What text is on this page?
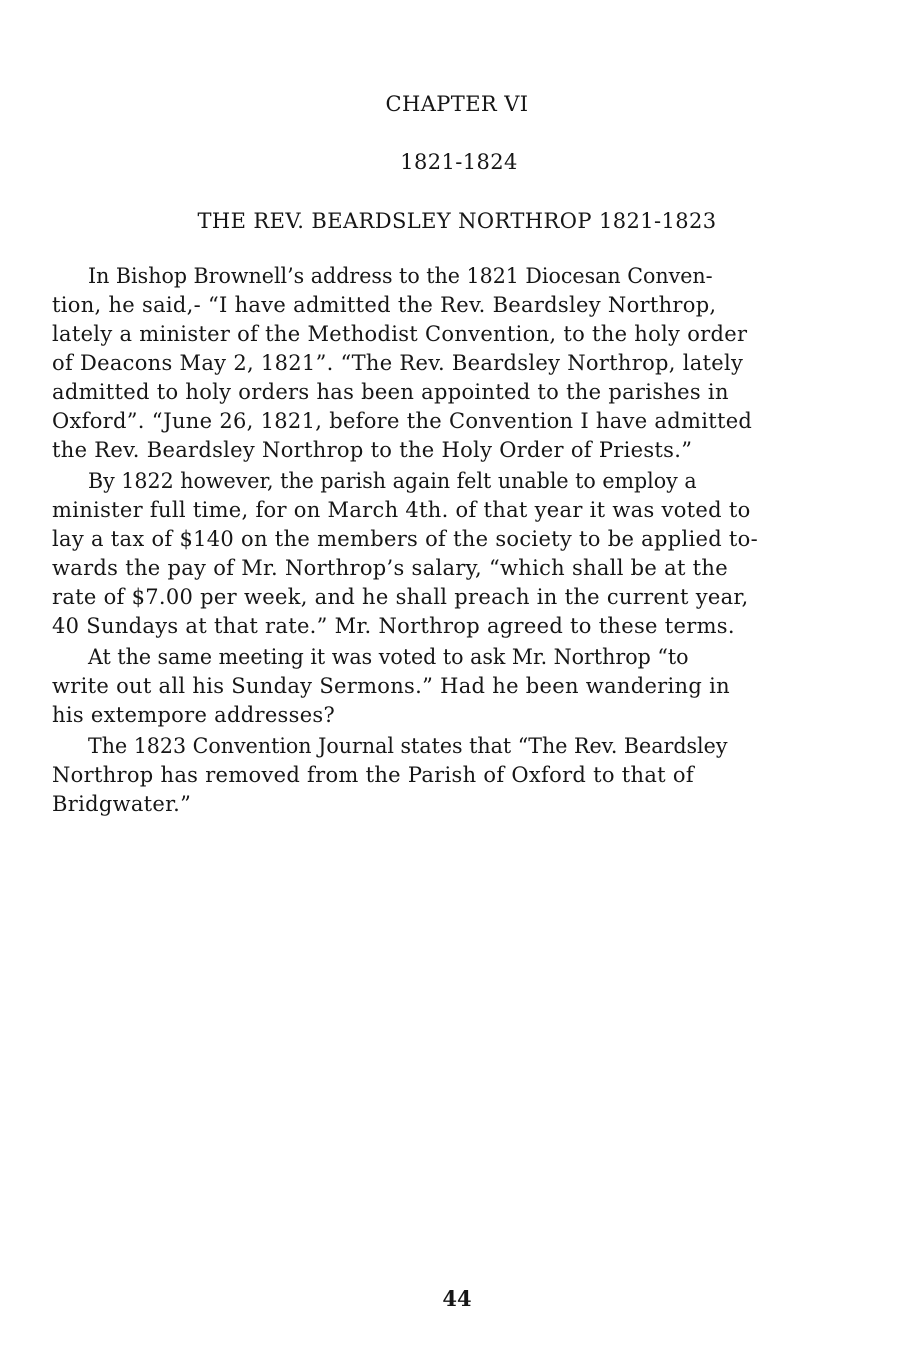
CHAPTER VI
1821-1824
THE REV. BEARDSLEY NORTHROP 1821-1823
In Bishop Brownell’s address to the 1821 Diocesan Conven-
tion, he said,- “I have admitted the Rev. Beardsley Northrop,
lately a minister of the Methodist Convention, to the holy order
of Deacons May 2, 1821”. “The Rev. Beardsley Northrop, lately
admitted to holy orders has been appointed to the parishes in
Oxford”. “June 26, 1821, before the Convention I have admitted
the Rev. Beardsley Northrop to the Holy Order of Priests.”
By 1822 however, the parish again felt unable to employ a
minister full time, for on March 4th. of that year it was voted to
lay a tax of $140 on the members of the society to be applied to-
wards the pay of Mr. Northrop’s salary, “which shall be at the
rate of $7.00 per week, and he shall preach in the current year,
40 Sundays at that rate.” Mr. Northrop agreed to these terms.
At the same meeting it was voted to ask Mr. Northrop “to
write out all his Sunday Sermons.” Had he been wandering in
his extempore addresses?
The 1823 Convention Journal states that “The Rev. Beardsley
Northrop has removed from the Parish of Oxford to that of
Bridgwater.”
44
